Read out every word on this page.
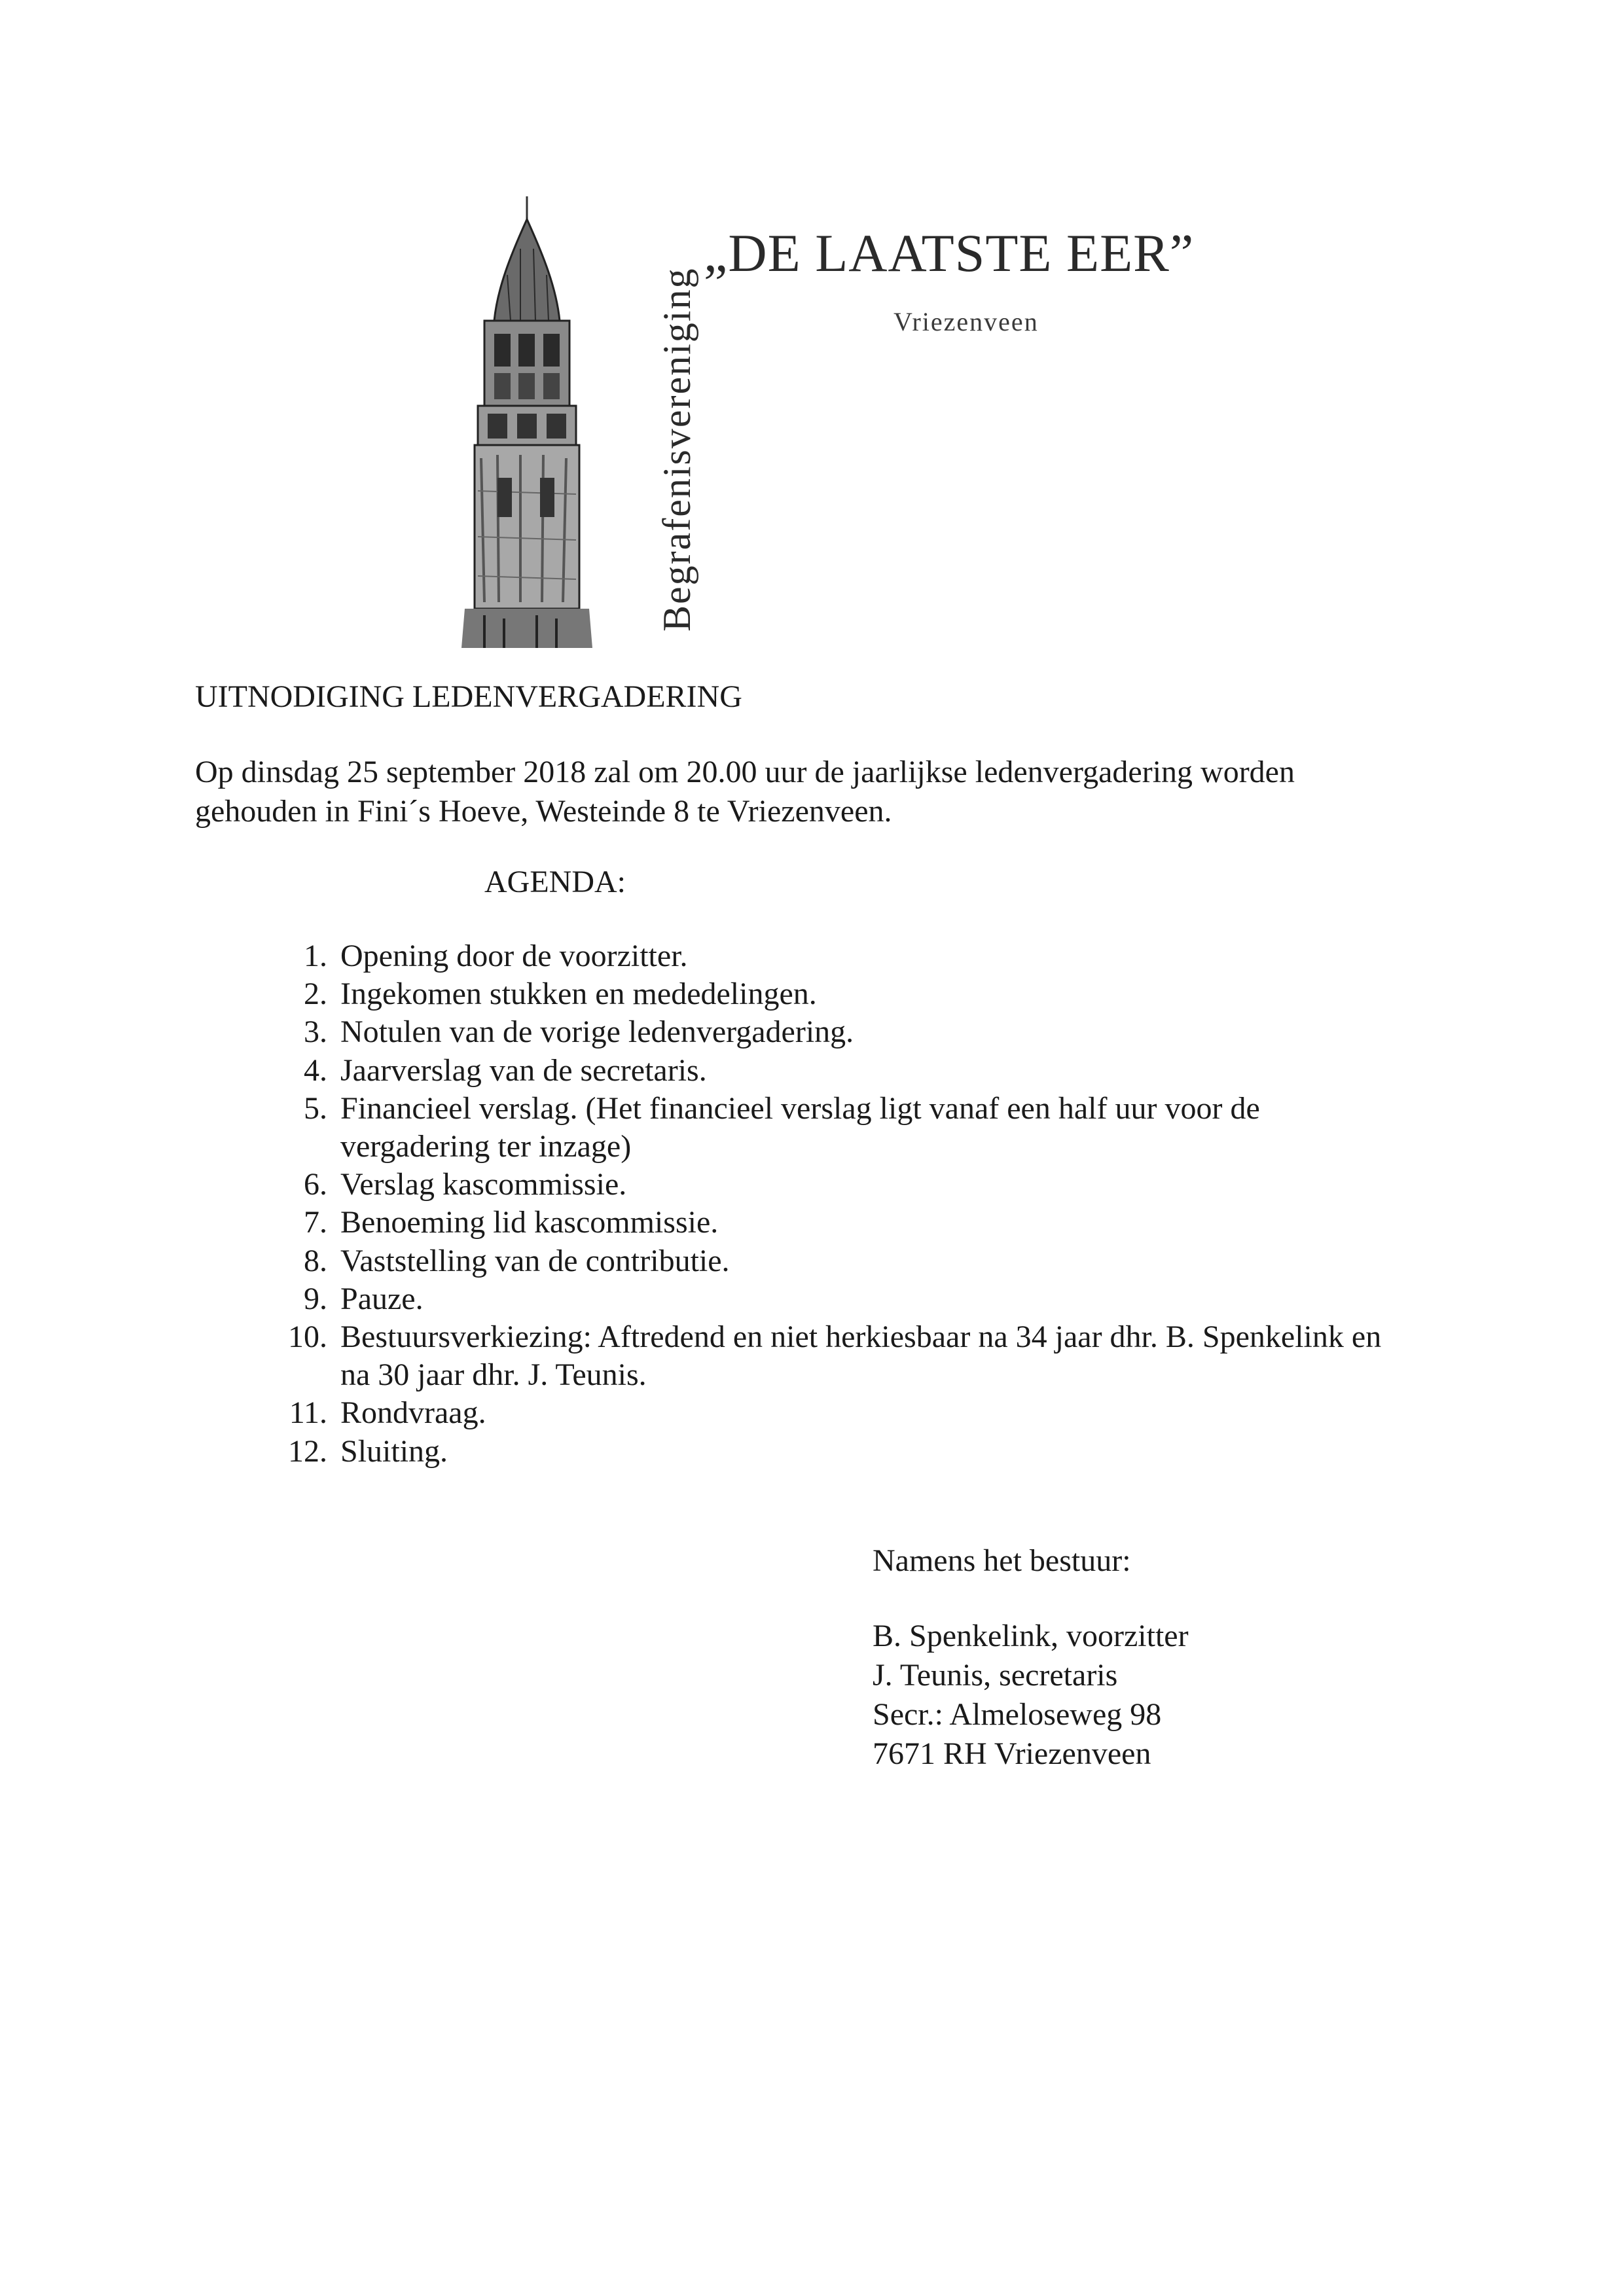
Begrafenisvereniging
„DE LAATSTE EER”
Vriezenveen
UITNODIGING LEDENVERGADERING
Op dinsdag 25 september 2018 zal om 20.00 uur de jaarlijkse ledenvergadering worden
gehouden in Fini´s Hoeve, Westeinde 8 te Vriezenveen.
AGENDA:
1. Opening door de voorzitter.
2. Ingekomen stukken en mededelingen.
3. Notulen van de vorige ledenvergadering.
4. Jaarverslag van de secretaris.
5. Financieel verslag. (Het financieel verslag ligt vanaf een half uur voor de
vergadering ter inzage)
6. Verslag kascommissie.
7. Benoeming lid kascommissie.
8. Vaststelling van de contributie.
9. Pauze.
10. Bestuursverkiezing: Aftredend en niet herkiesbaar na 34 jaar dhr. B. Spenkelink en
na 30 jaar dhr. J. Teunis.
11. Rondvraag.
12. Sluiting.
Namens het bestuur:
B. Spenkelink, voorzitter
J. Teunis, secretaris
Secr.: Almeloseweg 98
7671 RH Vriezenveen
